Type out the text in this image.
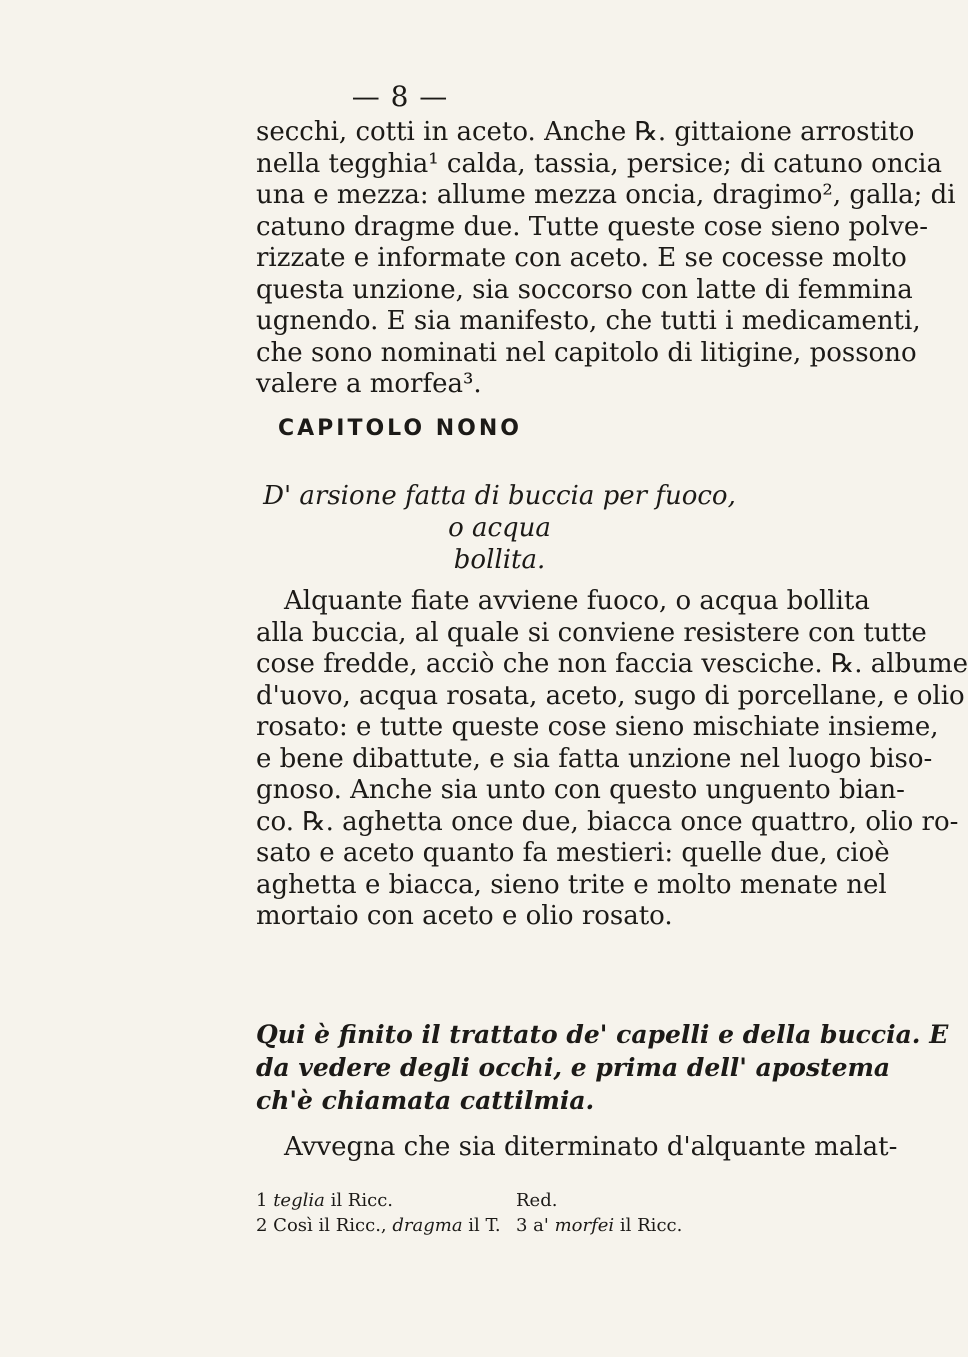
— 8 —
secchi, cotti in aceto. Anche ℞. gittaione arrostito
nella tegghia¹ calda, tassia, persice; di catuno oncia
una e mezza: allume mezza oncia, dragimo², galla; di
catuno dragme due. Tutte queste cose sieno polve-
rizzate e informate con aceto. E se cocesse molto
questa unzione, sia soccorso con latte di femmina
ugnendo. E sia manifesto, che tutti i medicamenti,
che sono nominati nel capitolo di litigine, possono
valere a morfea³.
CAPITOLO NONO
D' arsione fatta di buccia per fuoco, o acqua
bollita.
Alquante fiate avviene fuoco, o acqua bollita
alla buccia, al quale si conviene resistere con tutte
cose fredde, acciò che non faccia vesciche. ℞. albume
d'uovo, acqua rosata, aceto, sugo di porcellane, e olio
rosato: e tutte queste cose sieno mischiate insieme,
e bene dibattute, e sia fatta unzione nel luogo biso-
gnoso. Anche sia unto con questo unguento bian-
co. ℞. aghetta once due, biacca once quattro, olio ro-
sato e aceto quanto fa mestieri: quelle due, cioè
aghetta e biacca, sieno trite e molto menate nel
mortaio con aceto e olio rosato.
Qui è finito il trattato de' capelli e della buccia. E
da vedere degli occhi, e prima dell' apostema
ch'è chiamata cattilmia.
Avvegna che sia diterminato d'alquante malat-
1 teglia il Ricc.	Red.
2 Così il Ricc., dragma il T. 3 a' morfei il Ricc.
